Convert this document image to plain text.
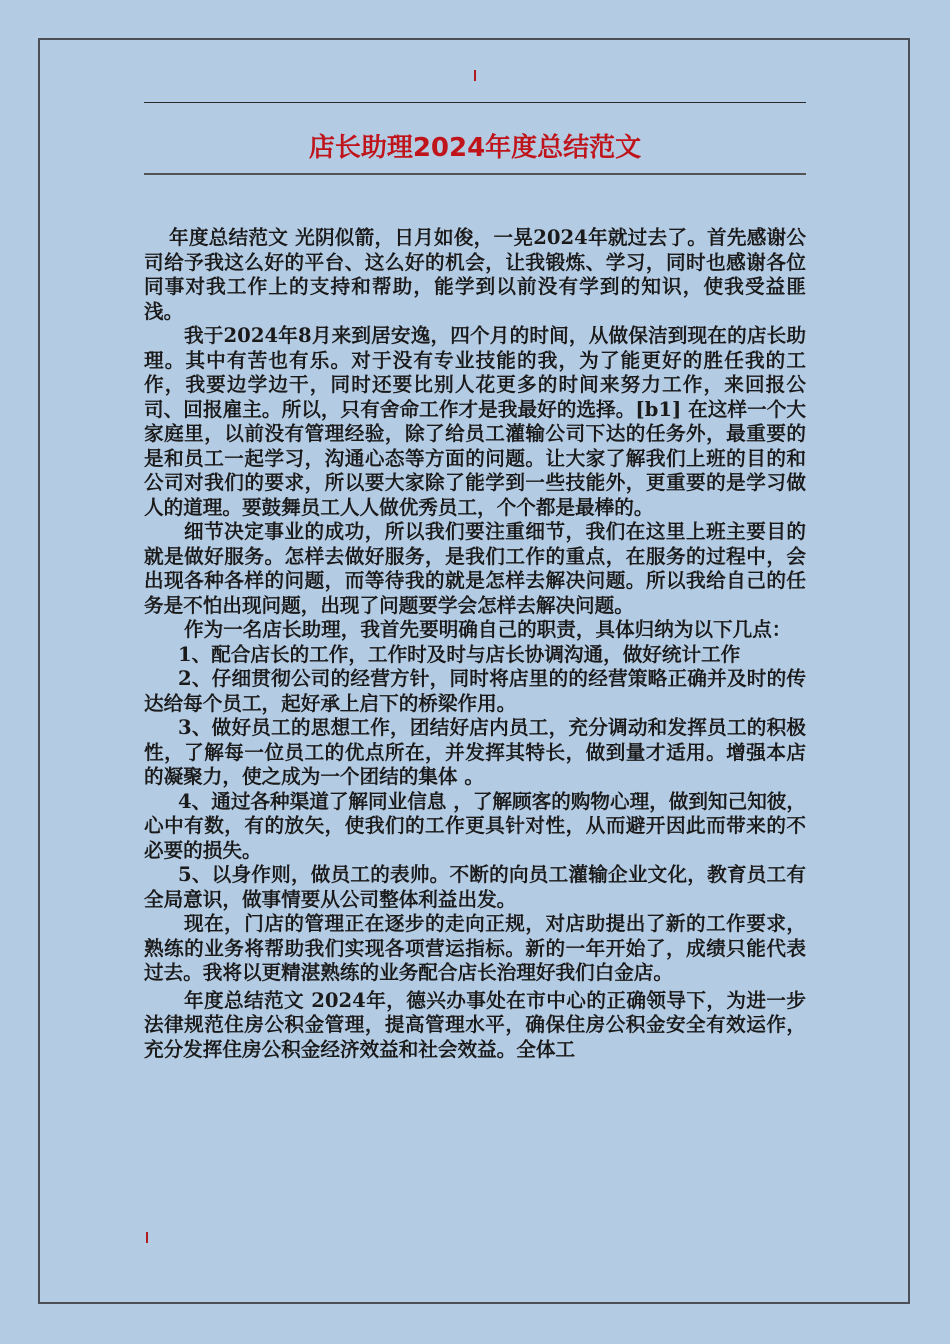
店长助理2024年度总结范文

年度总结范文 光阴似箭，日月如俊，一晃2024年就过去了。首先感谢公司给予我这么好的平台、这么好的机会，让我锻炼、学习，同时也感谢各位同事对我工作上的支持和帮助，能学到以前没有学到的知识，使我受益匪浅。

我于2024年8月来到居安逸，四个月的时间，从做保洁到现在的店长助理。其中有苦也有乐。对于没有专业技能的我，为了能更好的胜任我的工作，我要边学边干，同时还要比别人花更多的时间来努力工作，来回报公司、回报雇主。所以，只有舍命工作才是我最好的选择。[b1] 在这样一个大家庭里，以前没有管理经验，除了给员工灌输公司下达的任务外，最重要的是和员工一起学习，沟通心态等方面的问题。让大家了解我们上班的目的和公司对我们的要求，所以要大家除了能学到一些技能外，更重要的是学习做人的道理。要鼓舞员工人人做优秀员工，个个都是最棒的。

细节决定事业的成功，所以我们要注重细节，我们在这里上班主要目的就是做好服务。怎样去做好服务，是我们工作的重点，在服务的过程中，会出现各种各样的问题，而等待我的就是怎样去解决问题。所以我给自己的任务是不怕出现问题，出现了问题要学会怎样去解决问题。

作为一名店长助理，我首先要明确自己的职责，具体归纳为以下几点：

1、配合店长的工作，工作时及时与店长协调沟通，做好统计工作

2、仔细贯彻公司的经营方针，同时将店里的的经营策略正确并及时的传达给每个员工，起好承上启下的桥梁作用。

3、做好员工的思想工作，团结好店内员工，充分调动和发挥员工的积极性，了解每一位员工的优点所在，并发挥其特长，做到量才适用。增强本店的凝聚力，使之成为一个团结的集体 。

4、通过各种渠道了解同业信息 ，了解顾客的购物心理，做到知己知彼，心中有数，有的放矢，使我们的工作更具针对性，从而避开因此而带来的不必要的损失。

5、以身作则，做员工的表帅。不断的向员工灌输企业文化，教育员工有全局意识，做事情要从公司整体利益出发。

现在，门店的管理正在逐步的走向正规，对店助提出了新的工作要求，熟练的业务将帮助我们实现各项营运指标。新的一年开始了，成绩只能代表过去。我将以更精湛熟练的业务配合店长治理好我们白金店。

年度总结范文 2024年，德兴办事处在市中心的正确领导下，为进一步法律规范住房公积金管理，提高管理水平，确保住房公积金安全有效运作，充分发挥住房公积金经济效益和社会效益。全体工
